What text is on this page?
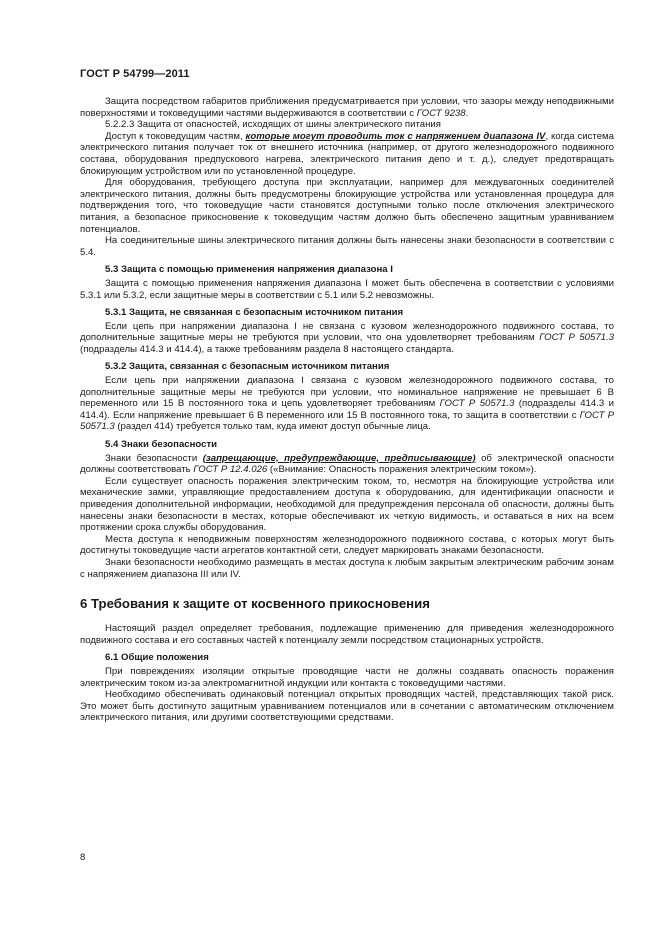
ГОСТ Р 54799—2011

Защита посредством габаритов приближения предусматривается при условии, что зазоры между неподвижными поверхностями и токоведущими частями выдерживаются в соответствии с ГОСТ 9238.

5.2.2.3 Защита от опасностей, исходящих от шины электрического питания

Доступ к токоведущим частям, которые могут проводить ток с напряжением диапазона IV, когда система электрического питания получает ток от внешнего источника (например, от другого железнодорожного подвижного состава, оборудования предпускового нагрева, электрического питания депо и т. д.), следует предотвращать блокирующим устройством или по установленной процедуре.

Для оборудования, требующего доступа при эксплуатации, например для междувагонных соединителей электрического питания, должны быть предусмотрены блокирующие устройства или установленная процедура для подтверждения того, что токоведущие части становятся доступными только после отключения электрического питания, а безопасное прикосновение к токоведущим частям должно быть обеспечено защитным уравниванием потенциалов.

На соединительные шины электрического питания должны быть нанесены знаки безопасности в соответствии с 5.4.

5.3 Защита с помощью применения напряжения диапазона I

Защита с помощью применения напряжения диапазона I может быть обеспечена в соответствии с условиями 5.3.1 или 5.3.2, если защитные меры в соответствии с 5.1 или 5.2 невозможны.

5.3.1 Защита, не связанная с безопасным источником питания

Если цепь при напряжении диапазона I не связана с кузовом железнодорожного подвижного состава, то дополнительные защитные меры не требуются при условии, что она удовлетворяет требованиям ГОСТ Р 50571.3 (подразделы 414.3 и 414.4), а также требованиям раздела 8 настоящего стандарта.

5.3.2 Защита, связанная с безопасным источником питания

Если цепь при напряжении диапазона I связана с кузовом железнодорожного подвижного состава, то дополнительные защитные меры не требуются при условии, что номинальное напряжение не превышает 6 В переменного или 15 В постоянного тока и цепь удовлетворяет требованиям ГОСТ Р 50571.3 (подразделы 414.3 и 414.4). Если напряжение превышает 6 В переменного или 15 В постоянного тока, то защита в соответствии с ГОСТ Р 50571.3 (раздел 414) требуется только там, куда имеют доступ обычные лица.

5.4 Знаки безопасности

Знаки безопасности (запрещающие, предупреждающие, предписывающие) об электрической опасности должны соответствовать ГОСТ Р 12.4.026 («Внимание: Опасность поражения электрическим током»).

Если существует опасность поражения электрическим током, то, несмотря на блокирующие устройства или механические замки, управляющие предоставлением доступа к оборудованию, для идентификации опасности и приведения дополнительной информации, необходимой для предупреждения персонала об опасности, должны быть нанесены знаки безопасности в местах, которые обеспечивают их четкую видимость, и оставаться в них на всем протяжении срока службы оборудования.

Места доступа к неподвижным поверхностям железнодорожного подвижного состава, с которых могут быть достигнуты токоведущие части агрегатов контактной сети, следует маркировать знаками безопасности.

Знаки безопасности необходимо размещать в местах доступа к любым закрытым электрическим рабочим зонам с напряжением диапазона III или IV.

6 Требования к защите от косвенного прикосновения

Настоящий раздел определяет требования, подлежащие применению для приведения железнодорожного подвижного состава и его составных частей к потенциалу земли посредством стационарных устройств.

6.1 Общие положения

При повреждениях изоляции открытые проводящие части не должны создавать опасность поражения электрическим током из-за электромагнитной индукции или контакта с токоведущими частями.

Необходимо обеспечивать одинаковый потенциал открытых проводящих частей, представляющих такой риск. Это может быть достигнуто защитным уравниванием потенциалов или в сочетании с автоматическим отключением электрического питания, или другими соответствующими средствами.

8
